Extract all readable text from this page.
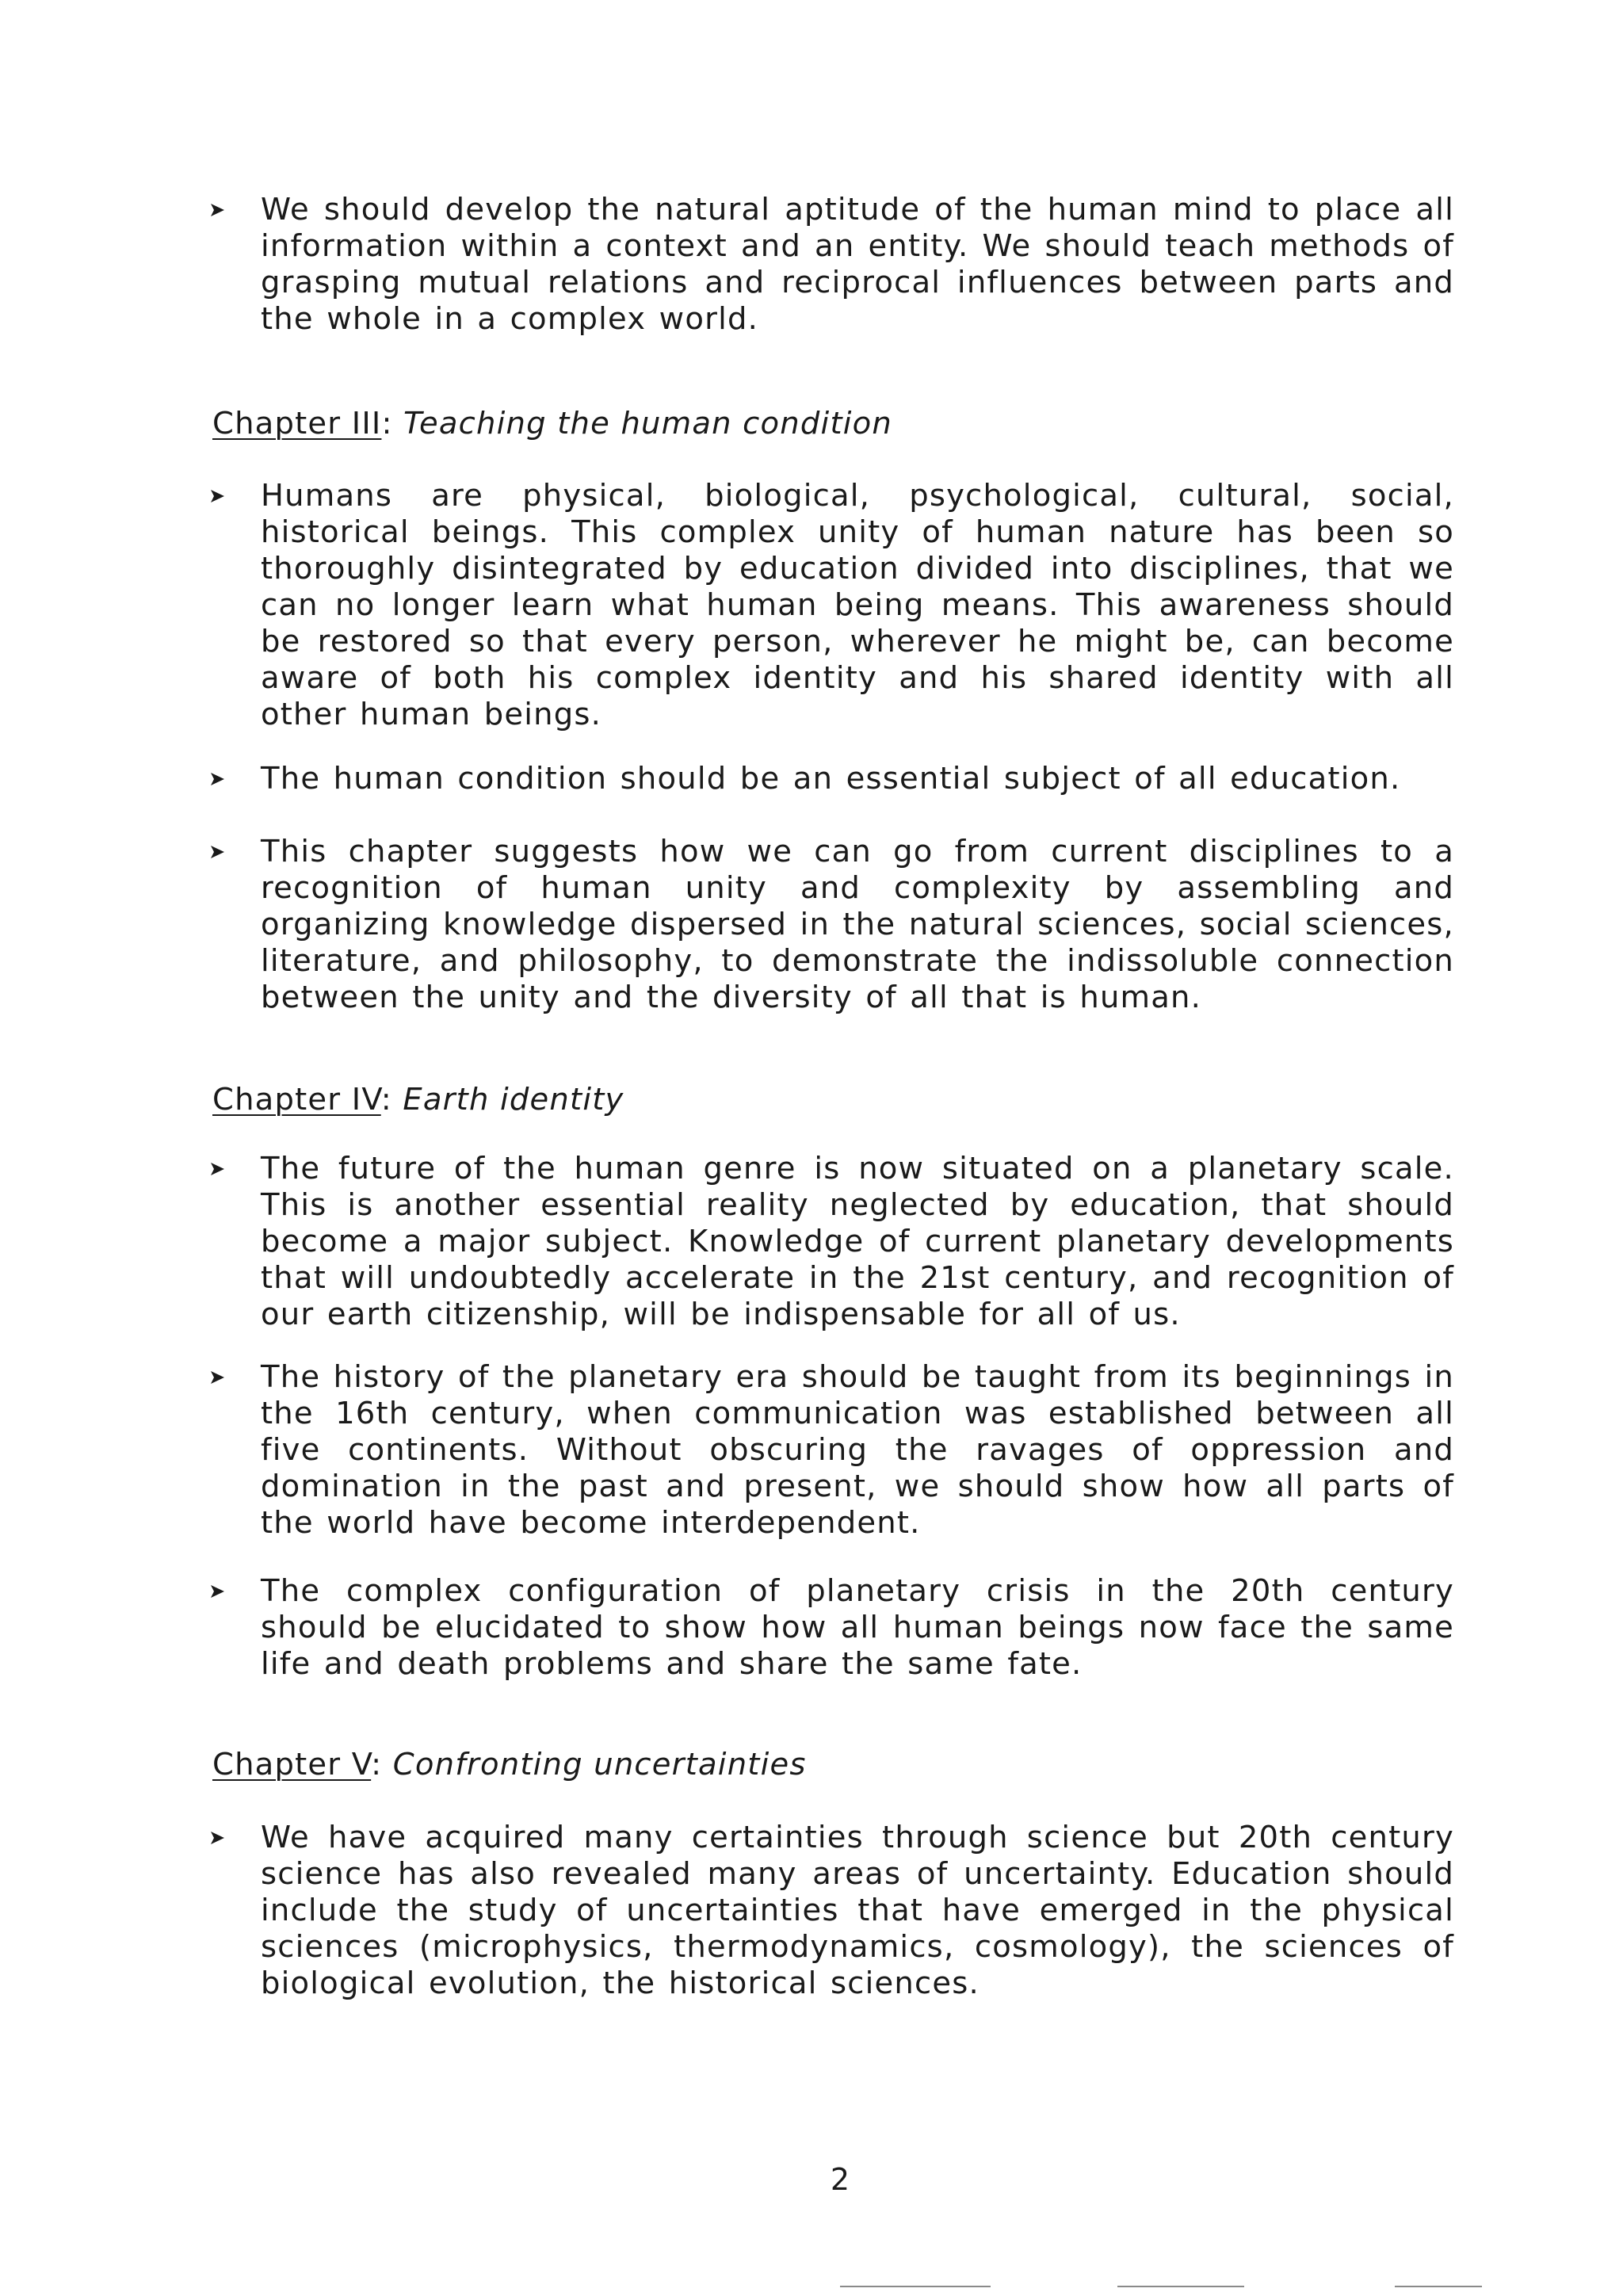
We should develop the natural aptitude of the human mind to place all information within a context and an entity. We should teach methods of grasping mutual relations and reciprocal influences between parts and the whole in a complex world.
Chapter III: Teaching the human condition
Humans are physical, biological, psychological, cultural, social, historical beings. This complex unity of human nature has been so thoroughly disintegrated by education divided into disciplines, that we can no longer learn what human being means. This awareness should be restored so that every person, wherever he might be, can become aware of both his complex identity and his shared identity with all other human beings.
The human condition should be an essential subject of all education.
This chapter suggests how we can go from current disciplines to a recognition of human unity and complexity by assembling and organizing knowledge dispersed in the natural sciences, social sciences, literature, and philosophy, to demonstrate the indissoluble connection between the unity and the diversity of all that is human.
Chapter IV: Earth identity
The future of the human genre is now situated on a planetary scale. This is another essential reality neglected by education, that should become a major subject. Knowledge of current planetary developments that will undoubtedly accelerate in the 21st century, and recognition of our earth citizenship, will be indispensable for all of us.
The history of the planetary era should be taught from its beginnings in the 16th century, when communication was established between all five continents. Without obscuring the ravages of oppression and domination in the past and present, we should show how all parts of the world have become interdependent.
The complex configuration of planetary crisis in the 20th century should be elucidated to show how all human beings now face the same life and death problems and share the same fate.
Chapter V: Confronting uncertainties
We have acquired many certainties through science but 20th century science has also revealed many areas of uncertainty. Education should include the study of uncertainties that have emerged in the physical sciences (microphysics, thermodynamics, cosmology), the sciences of biological evolution, the historical sciences.
2
